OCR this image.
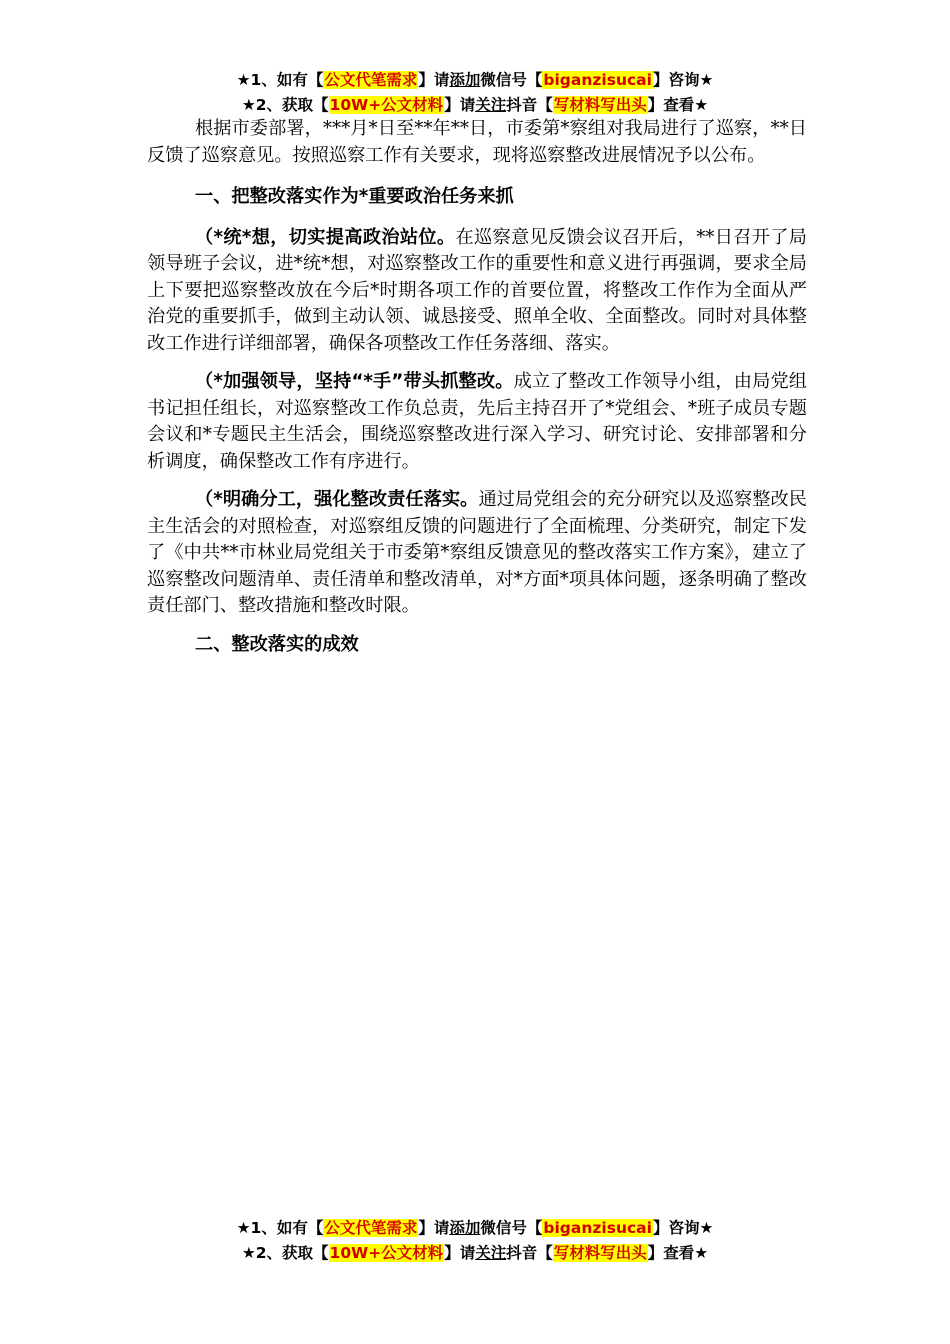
★1、如有【公文代笔需求】请添加微信号【biganzisucai】咨询★
★2、获取【10W+公文材料】请关注抖音【写材料写出头】查看★

根据市委部署，***月*日至**年**日，市委第*察组对我局进行了巡察，**日反馈了巡察意见。按照巡察工作有关要求，现将巡察整改进展情况予以公布。

一、把整改落实作为*重要政治任务来抓

（*统*想，切实提高政治站位。在巡察意见反馈会议召开后，**日召开了局领导班子会议，进*统*想，对巡察整改工作的重要性和意义进行再强调，要求全局上下要把巡察整改放在今后*时期各项工作的首要位置，将整改工作作为全面从严治党的重要抓手，做到主动认领、诚恳接受、照单全收、全面整改。同时对具体整改工作进行详细部署，确保各项整改工作任务落细、落实。

（*加强领导，坚持“*手”带头抓整改。成立了整改工作领导小组，由局党组书记担任组长，对巡察整改工作负总责，先后主持召开了*党组会、*班子成员专题会议和*专题民主生活会，围绕巡察整改进行深入学习、研究讨论、安排部署和分析调度，确保整改工作有序进行。

（*明确分工，强化整改责任落实。通过局党组会的充分研究以及巡察整改民主生活会的对照检查，对巡察组反馈的问题进行了全面梳理、分类研究，制定下发了《中共**市林业局党组关于市委第*察组反馈意见的整改落实工作方案》，建立了巡察整改问题清单、责任清单和整改清单，对*方面*项具体问题，逐条明确了整改责任部门、整改措施和整改时限。

二、整改落实的成效

★1、如有【公文代笔需求】请添加微信号【biganzisucai】咨询★
★2、获取【10W+公文材料】请关注抖音【写材料写出头】查看★
